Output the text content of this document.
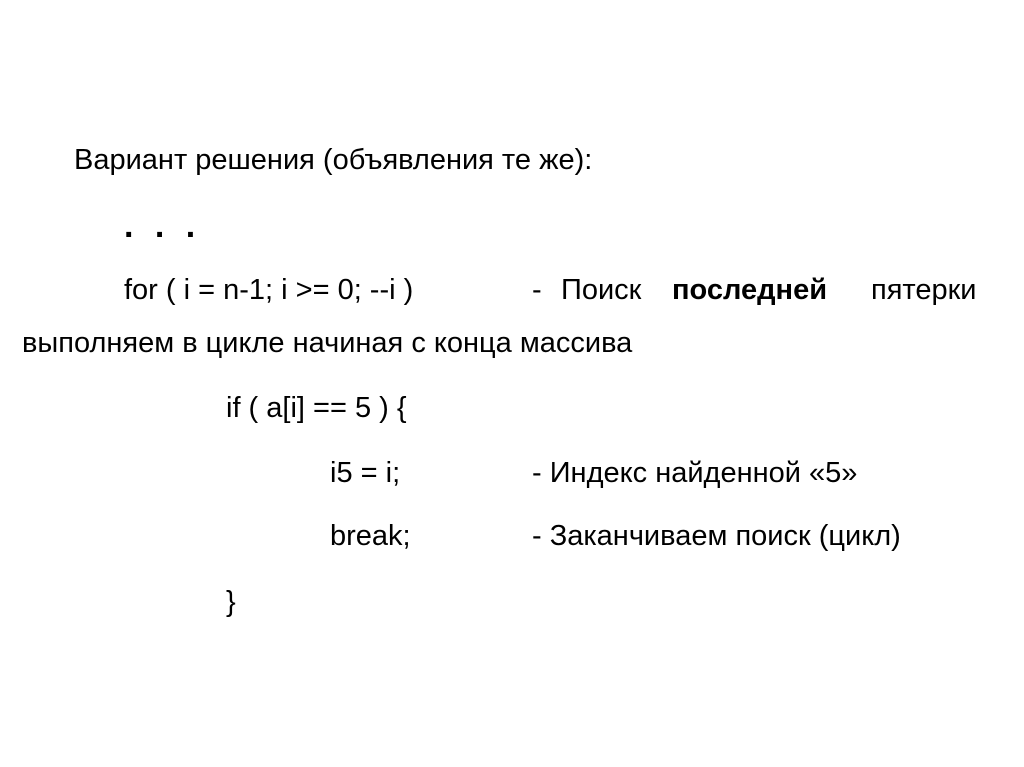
Вариант решения (объявления те же):
. . .
for ( i = n-1; i >= 0; --i )	- Поиск последней пятерки
выполняем в цикле начиная с конца массива
if ( a[i] == 5 ) {
i5 = i;	- Индекс найденной «5»
break;	- Заканчиваем поиск (цикл)
}
